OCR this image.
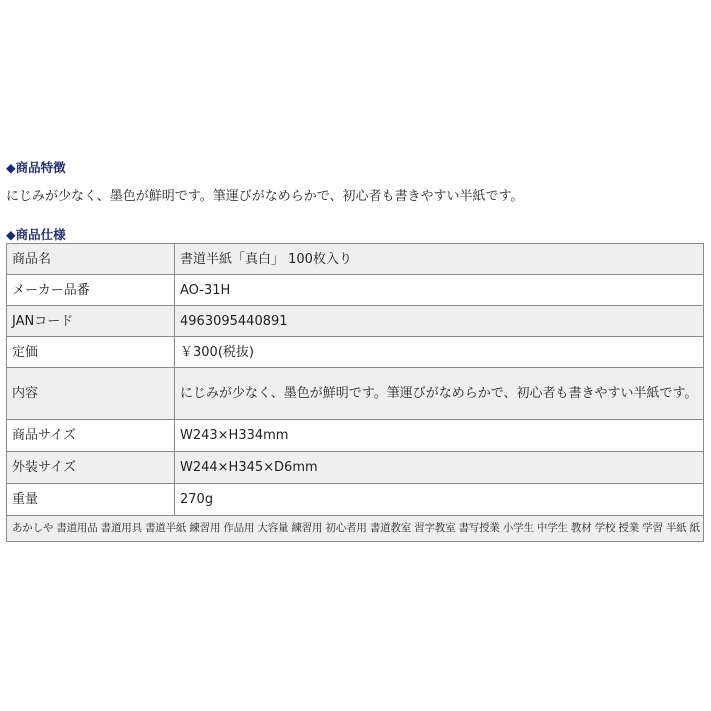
◆商品特徴
にじみが少なく、墨色が鮮明です。筆運びがなめらかで、初心者も書きやすい半紙です。
◆商品仕様
商品名	書道半紙「真白」 100枚入り
メーカー品番	AO-31H
JANコード	4963095440891
定価	￥300(税抜)
内容	にじみが少なく、墨色が鮮明です。筆運びがなめらかで、初心者も書きやすい半紙です。
商品サイズ	W243×H334mm
外装サイズ	W244×H345×D6mm
重量	270g
あかしや 書道用品 書道用具 書道半紙 練習用 作品用 大容量 練習用 初心者用 書道教室 習字教室 書写授業 小学生 中学生 教材 学校 授業 学習 半紙 紙	
